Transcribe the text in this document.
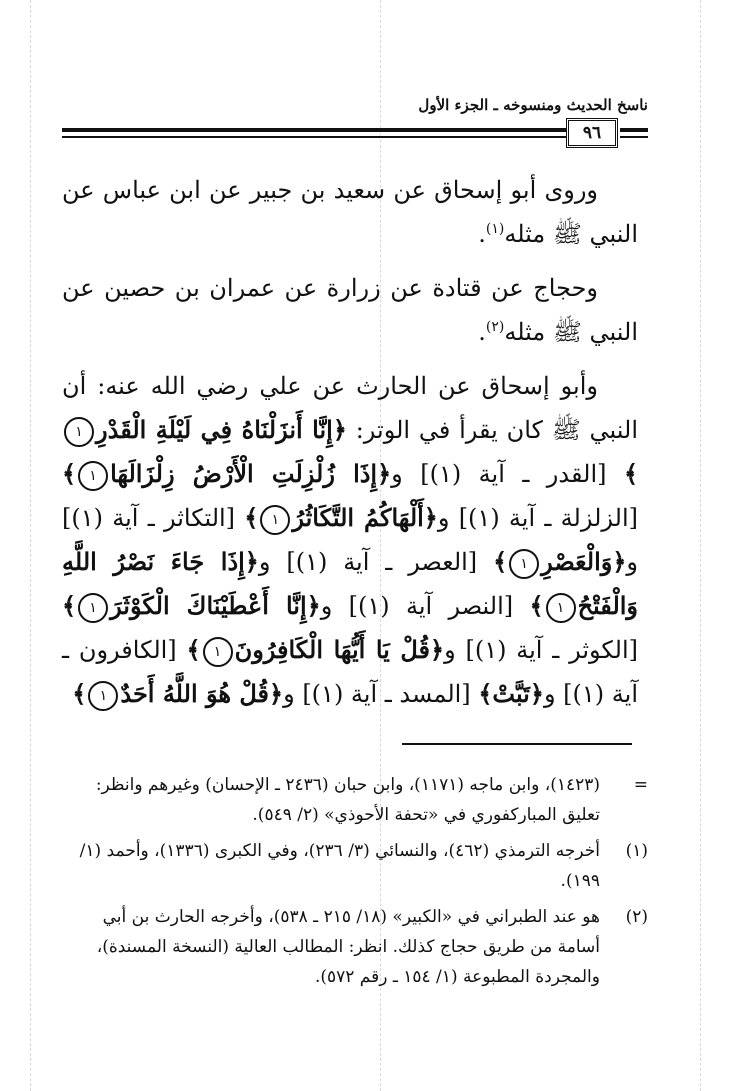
ناسخ الحديث ومنسوخه ـ الجزء الأول
٩٦

وروى أبو إسحاق عن سعيد بن جبير عن ابن عباس عن النبي ﷺ مثله$^{(١)}$.

وحجاج عن قتادة عن زرارة عن عمران بن حصين عن النبي ﷺ مثله$^{(٢)}$.

وأبو إسحاق عن الحارث عن علي رضي الله عنه: أن النبي ﷺ كان يقرأ في الوتر: ﴿إِنَّا أَنزَلْنَاهُ فِي لَيْلَةِ الْقَدْرِ١﴾ [القدر ـ آية (١)] و﴿إِذَا زُلْزِلَتِ الْأَرْضُ زِلْزَالَهَا١﴾ [الزلزلة ـ آية (١)] و﴿أَلْهَاكُمُ التَّكَاثُرُ١﴾ [التكاثر ـ آية (١)] و﴿وَالْعَصْرِ١﴾ [العصر ـ آية (١)] و﴿إِذَا جَاءَ نَصْرُ اللَّهِ وَالْفَتْحُ١﴾ [النصر آية (١)] و﴿إِنَّا أَعْطَيْنَاكَ الْكَوْثَرَ١﴾ [الكوثر ـ آية (١)] و﴿قُلْ يَا أَيُّهَا الْكَافِرُونَ١﴾ [الكافرون ـ آية (١)] و﴿تَبَّتْ﴾ [المسد ـ آية (١)] و﴿قُلْ هُوَ اللَّهُ أَحَدٌ١﴾

=
(١٤٢٣)، وابن ماجه (١١٧١)، وابن حبان (٢٤٣٦ ـ الإحسان) وغيرهم وانظر: تعليق المباركفوري في «تحفة الأحوذي» (٢/ ٥٤٩).
(١)
أخرجه الترمذي (٤٦٢)، والنسائي (٣/ ٢٣٦)، وفي الكبرى (١٣٣٦)، وأحمد (١/ ١٩٩).
(٢)
هو عند الطبراني في «الكبير» (١٨/ ٢١٥ ـ ٥٣٨)، وأخرجه الحارث بن أبي أسامة من طريق حجاج كذلك. انظر: المطالب العالية (النسخة المسندة)، والمجردة المطبوعة (١/ ١٥٤ ـ رقم ٥٧٢).
